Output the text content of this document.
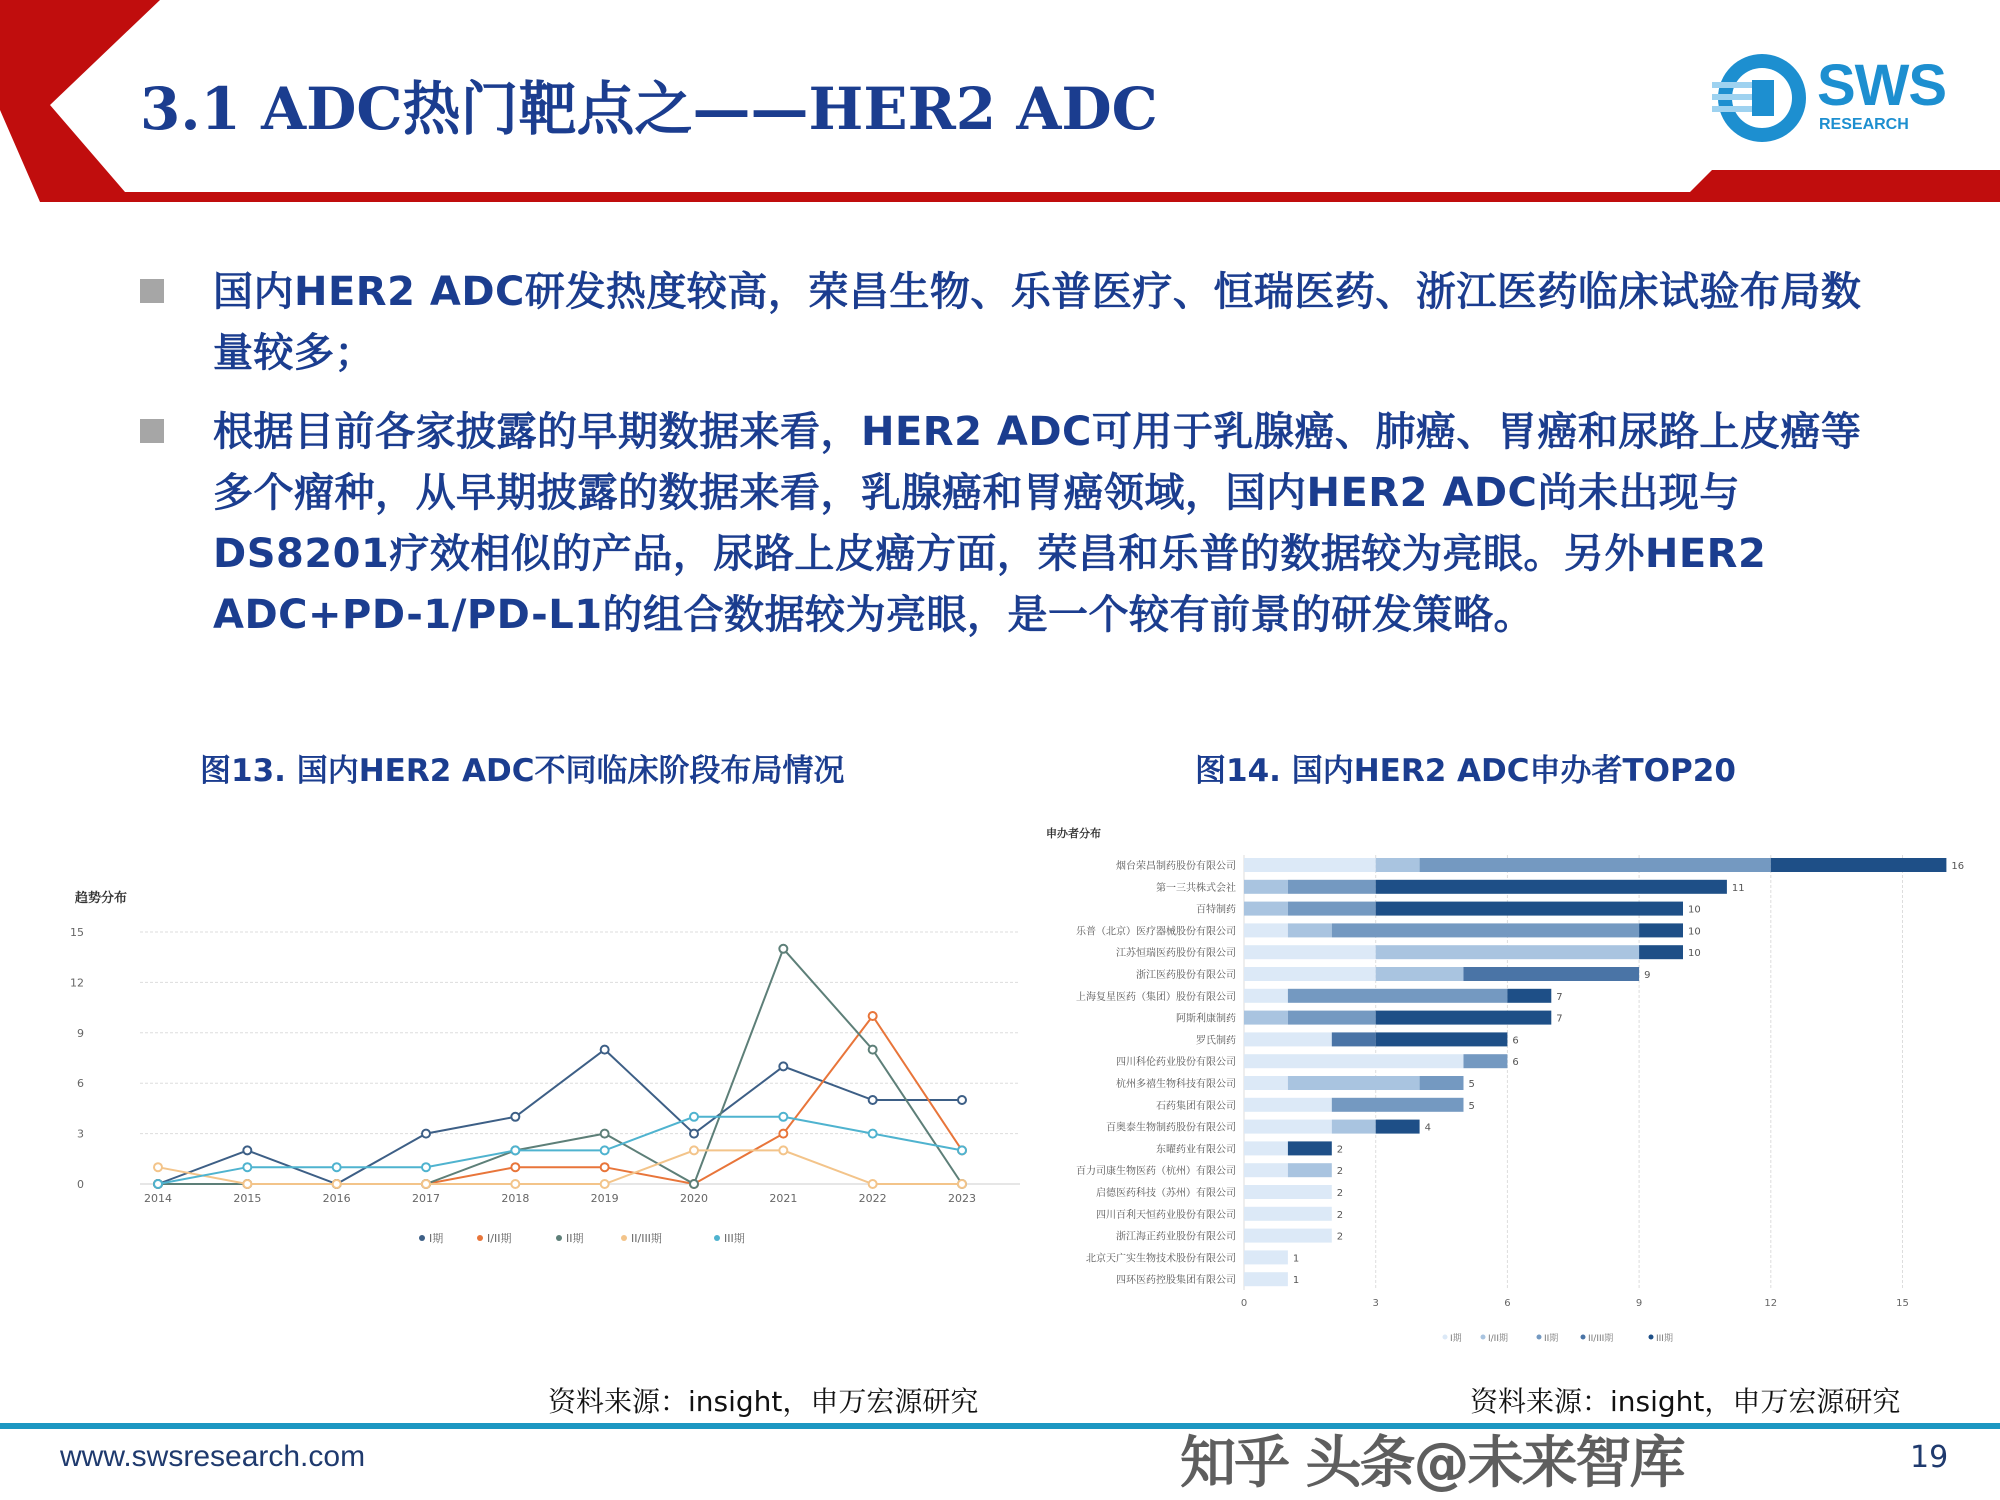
3.1 ADC热门靶点之——HER2 ADC	SWS
RESEARCH
国内HER2 ADC研发热度较高，荣昌生物、乐普医疗、恒瑞医药、浙江医药临床试验布局数量较多；
根据目前各家披露的早期数据来看，HER2 ADC可用于乳腺癌、肺癌、胃癌和尿路上皮癌等多个瘤种，从早期披露的数据来看，乳腺癌和胃癌领域，国内HER2 ADC尚未出现与DS8201疗效相似的产品，尿路上皮癌方面，荣昌和乐普的数据较为亮眼。另外HER2 ADC+PD-1/PD-L1的组合数据较为亮眼，是一个较有前景的研发策略。
图13. 国内HER2 ADC不同临床阶段布局情况	图14. 国内HER2 ADC申办者TOP20
趋势分布
0
3
6
9
12
15
2014	2015	2016	2017	2018	2019	2020	2021	2022	2023
I期	I/II期	II期	II/III期	III期
申办者分布
0	3	6	9	12	15
烟台荣昌制药股份有限公司	16
第一三共株式会社	11
百特制药	10
乐普（北京）医疗器械股份有限公司	10
江苏恒瑞医药股份有限公司	10
浙江医药股份有限公司	9
上海复星医药（集团）股份有限公司	7
阿斯利康制药	7
罗氏制药	6
四川科伦药业股份有限公司	6
杭州多禧生物科技有限公司	5
石药集团有限公司	5
百奥泰生物制药股份有限公司	4
东曜药业有限公司	2
百力司康生物医药（杭州）有限公司	2
启德医药科技（苏州）有限公司	2
四川百利天恒药业股份有限公司	2
浙江海正药业股份有限公司	2
北京天广实生物技术股份有限公司	1
四环医药控股集团有限公司	1
I期	I/II期	II期	II/III期	III期
资料来源：insight，申万宏源研究	资料来源：insight，申万宏源研究
www.swsresearch.com	知乎 头条@未来智库	19
